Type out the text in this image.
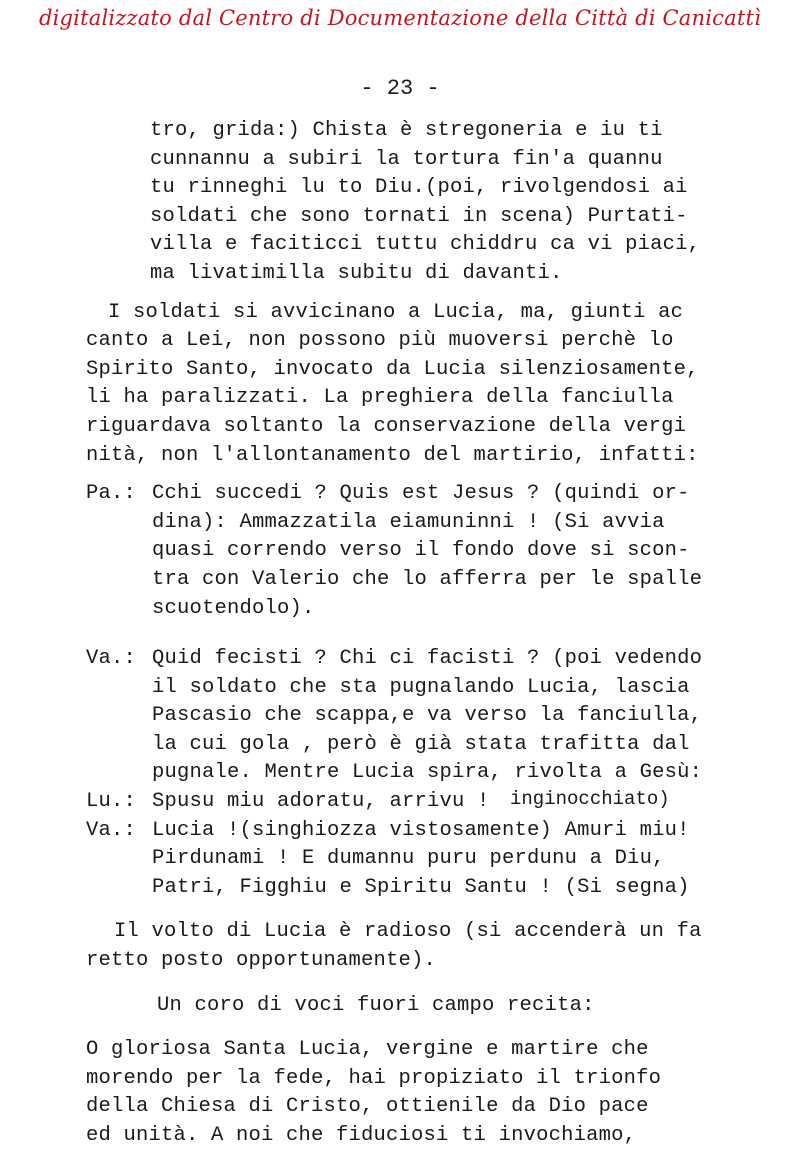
digitalizzato dal Centro di Documentazione della Città di Canicattì
- 23 -
tro, grida:) Chista è stregoneria e iu ti
cunnannu a subiri la tortura fin'a quannu
tu rinneghi lu to Diu.(poi, rivolgendosi ai
soldati che sono tornati in scena) Purtati-
villa e faciticci tuttu chiddru ca vi piaci,
ma livatimilla subitu di davanti.
I soldati si avvicinano a Lucia, ma, giunti ac
canto a Lei, non possono più muoversi perchè lo
Spirito Santo, invocato da Lucia silenziosamente,
li ha paralizzati. La preghiera della fanciulla
riguardava soltanto la conservazione della vergi
nità, non l'allontanamento del martirio, infatti:
Pa.: Cchi succedi ? Quis est Jesus ? (quindi or-
dina): Ammazzatila eiamuninni ! (Si avvia
quasi correndo verso il fondo dove si scon-
tra con Valerio che lo afferra per le spalle
scuotendolo).
Va.: Quid fecisti ? Chi ci facisti ? (poi vedendo
il soldato che sta pugnalando Lucia, lascia
Pascasio che scappa,e va verso la fanciulla,
la cui gola , però è già stata trafitta dal
pugnale. Mentre Lucia spira, rivolta a Gesù:
Lu.: Spusu miu adoratu, arrivu !
Va.: Lucia !(singhiozza vistosamente) Amuri miu!
Pirdunami ! E dumannu puru perdunu a Diu,
Patri, Figghiu e Spiritu Santu ! (Si segna)
Il volto di Lucia è radioso (si accenderà un fa
retto posto opportunamente).
Un coro di voci fuori campo recita:
O gloriosa Santa Lucia, vergine e martire che
morendo per la fede, hai propiziato il trionfo
della Chiesa di Cristo, ottienile da Dio pace
ed unità. A noi che fiduciosi ti invochiamo,
inginocchiato)
